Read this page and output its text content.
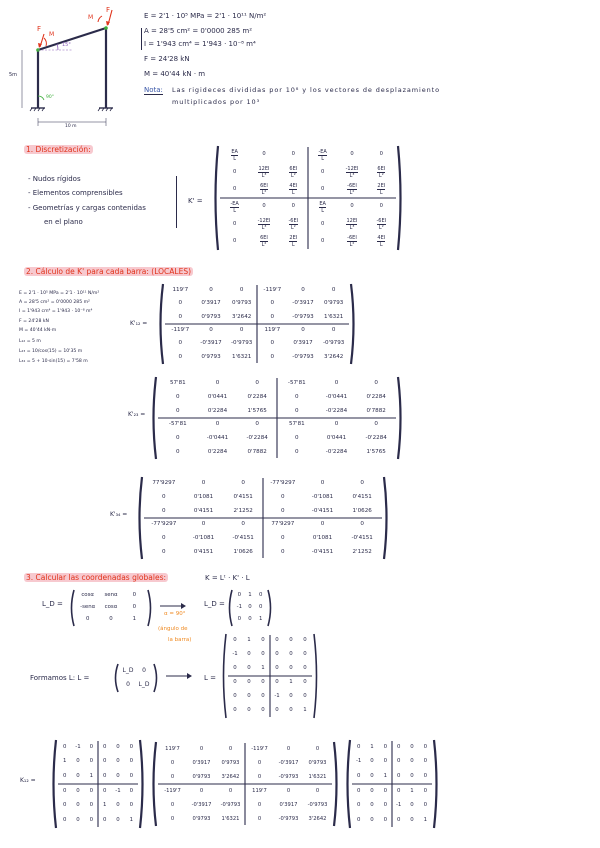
F
M
F
M
15°
90°
5m
10 m
E = 2'1 · 10⁵ MPa = 2'1 · 10¹¹ N/m²
A = 28'5 cm² = 0'0000 285 m²
I = 1'943 cm⁴ = 1'943 · 10⁻⁸ m⁴
F = 24'28 kN
M = 40'44 kN · m
Nota: Las rigideces divididas por 10⁸ y los vectores de desplazamiento
multiplicados por 10³
1. Discretización:
- Nudos rígidos
- Elementos comprensibles
- Geometrías y cargas contenidas
en el plano
K' =
$\frac{EA}{L}$	0	0	$\frac{-EA}{L}$	0	0
0	$\frac{12EI}{\text{L³}}$	$\frac{6EI}{\text{L²}}$	0	$\frac{-12EI}{\text{L³}}$	$\frac{6EI}{\text{L²}}$
0	$\frac{6EI}{\text{L²}}$	$\frac{4EI}{L}$	0	$\frac{-6EI}{\text{L²}}$	$\frac{2EI}{L}$
$\frac{-EA}{L}$	0	0	$\frac{EA}{L}$	0	0
0	$\frac{-12EI}{\text{L³}}$	$\frac{-6EI}{\text{L²}}$	0	$\frac{12EI}{\text{L³}}$	$\frac{-6EI}{\text{L²}}$
0	$\frac{6EI}{\text{L²}}$	$\frac{2EI}{L}$	0	$\frac{-6EI}{\text{L²}}$	$\frac{4EI}{L}$
2. Cálculo de K' para cada barra: (LOCALES)
E = 2'1 · 10⁵ MPa = 2'1 · 10¹¹ N/m²
A = 28'5 cm² = 0'0000 285 m²
I = 1'943 cm⁴ = 1'943 · 10⁻⁸ m⁴
F = 24'28 kN
M = 40'44 kN·m
L₁₂ = 5 m
L₂₃ = 10/cos(15) = 10'35 m
L₃₄ = 5 + 10·sin(15) = 7'58 m
K'₁₂ =
119'7	0	0	-119'7	0	0
0	0'3917	0'9793	0	-0'3917	0'9793
0	0'9793	3'2642	0	-0'9793	1'6321
-119'7	0	0	119'7	0	0
0	-0'3917	-0'9793	0	0'3917	-0'9793
0	0'9793	1'6321	0	-0'9793	3'2642
K'₂₃ =
57'81	0	0	-57'81	0	0
0	0'0441	0'2284	0	-0'0441	0'2284
0	0'2284	1'5765	0	-0'2284	0'7882
-57'81	0	0	57'81	0	0
0	-0'0441	-0'2284	0	0'0441	-0'2284
0	0'2284	0'7882	0	-0'2284	1'5765
K'₃₄ =
77'9297	0	0	-77'9297	0	0
0	0'1081	0'4151	0	-0'1081	0'4151
0	0'4151	2'1252	0	-0'4151	1'0626
-77'9297	0	0	77'9297	0	0
0	-0'1081	-0'4151	0	0'1081	-0'4151
0	0'4151	1'0626	0	-0'4151	2'1252
3. Calcular las coordenadas globales:	K = Lᵗ · K' · L
L_D =
cosα	senα	0
-senα	cosα	0
0	0	1
α = 90°
(ángulo de
la barra)
L_D =
0	1	0
-1	0	0
0	0	1
Formamos L: L =
L_D	0
0	L_D
L =
0	1	0	0	0	0
-1	0	0	0	0	0
0	0	1	0	0	0
0	0	0	0	1	0
0	0	0	-1	0	0
0	0	0	0	0	1
K₁₂ =
0	-1	0	0	0	0
1	0	0	0	0	0
0	0	1	0	0	0
0	0	0	0	-1	0
0	0	0	1	0	0
0	0	0	0	0	1
119'7	0	0	-119'7	0	0
0	0'3917	0'9793	0	-0'3917	0'9793
0	0'9793	3'2642	0	-0'9793	1'6321
-119'7	0	0	119'7	0	0
0	-0'3917	-0'9793	0	0'3917	-0'9793
0	0'9793	1'6321	0	-0'9793	3'2642
0	1	0	0	0	0
-1	0	0	0	0	0
0	0	1	0	0	0
0	0	0	0	1	0
0	0	0	-1	0	0
0	0	0	0	0	1
